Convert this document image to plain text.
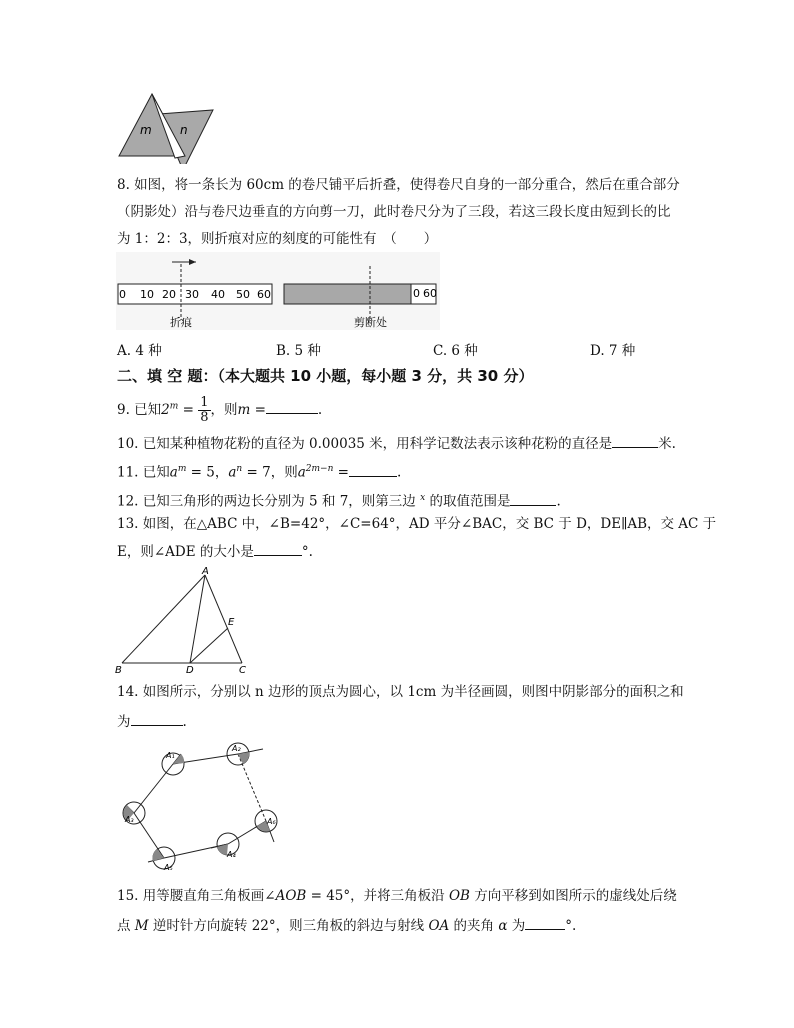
m n
8. 如图，将一条长为 60cm 的卷尺铺平后折叠，使得卷尺自身的一部分重合，然后在重合部分
（阴影处）沿与卷尺边垂直的方向剪一刀，此时卷尺分为了三段，若这三段长度由短到长的比
为 1：2：3，则折痕对应的刻度的可能性有　（　　）
0 10 20 30 40 50 60
折痕
0 60
剪断处
A. 4 种	B. 5 种	C. 6 种	D. 7 种
二、填 空 题：（本大题共 10 小题，每小题 3 分，共 30 分）
9. 已知$2^m = \frac{1}{8}$ ，则m =	.
10. 已知某种植物花粉的直径为 0.00035 米，用科学记数法表示该种花粉的直径是	米.
11. 已知$a^m = 5$，$a^n = 7$，则$a^{2m-n}$ =	.
12. 已知三角形的两边长分别为 5 和 7，则第三边 $^x$ 的取值范围是	.
13. 如图，在△ABC 中，∠B=42°，∠C=64°，AD 平分∠BAC，交 BC 于 D，DE∥AB，交 AC 于
E，则∠ADE 的大小是	°.
A
B	C
D
E
14. 如图所示，分别以 n 边形的顶点为圆心，以 1cm 为半径画圆，则图中阴影部分的面积之和
为	.
A₁
A₂
A₃
A₅
A₄
A₆
15. 用等腰直角三角板画∠AOB = 45°，并将三角板沿 OB 方向平移到如图所示的虚线处后绕
点 M 逆时针方向旋转 22°，则三角板的斜边与射线 OA 的夹角 α 为	°.
